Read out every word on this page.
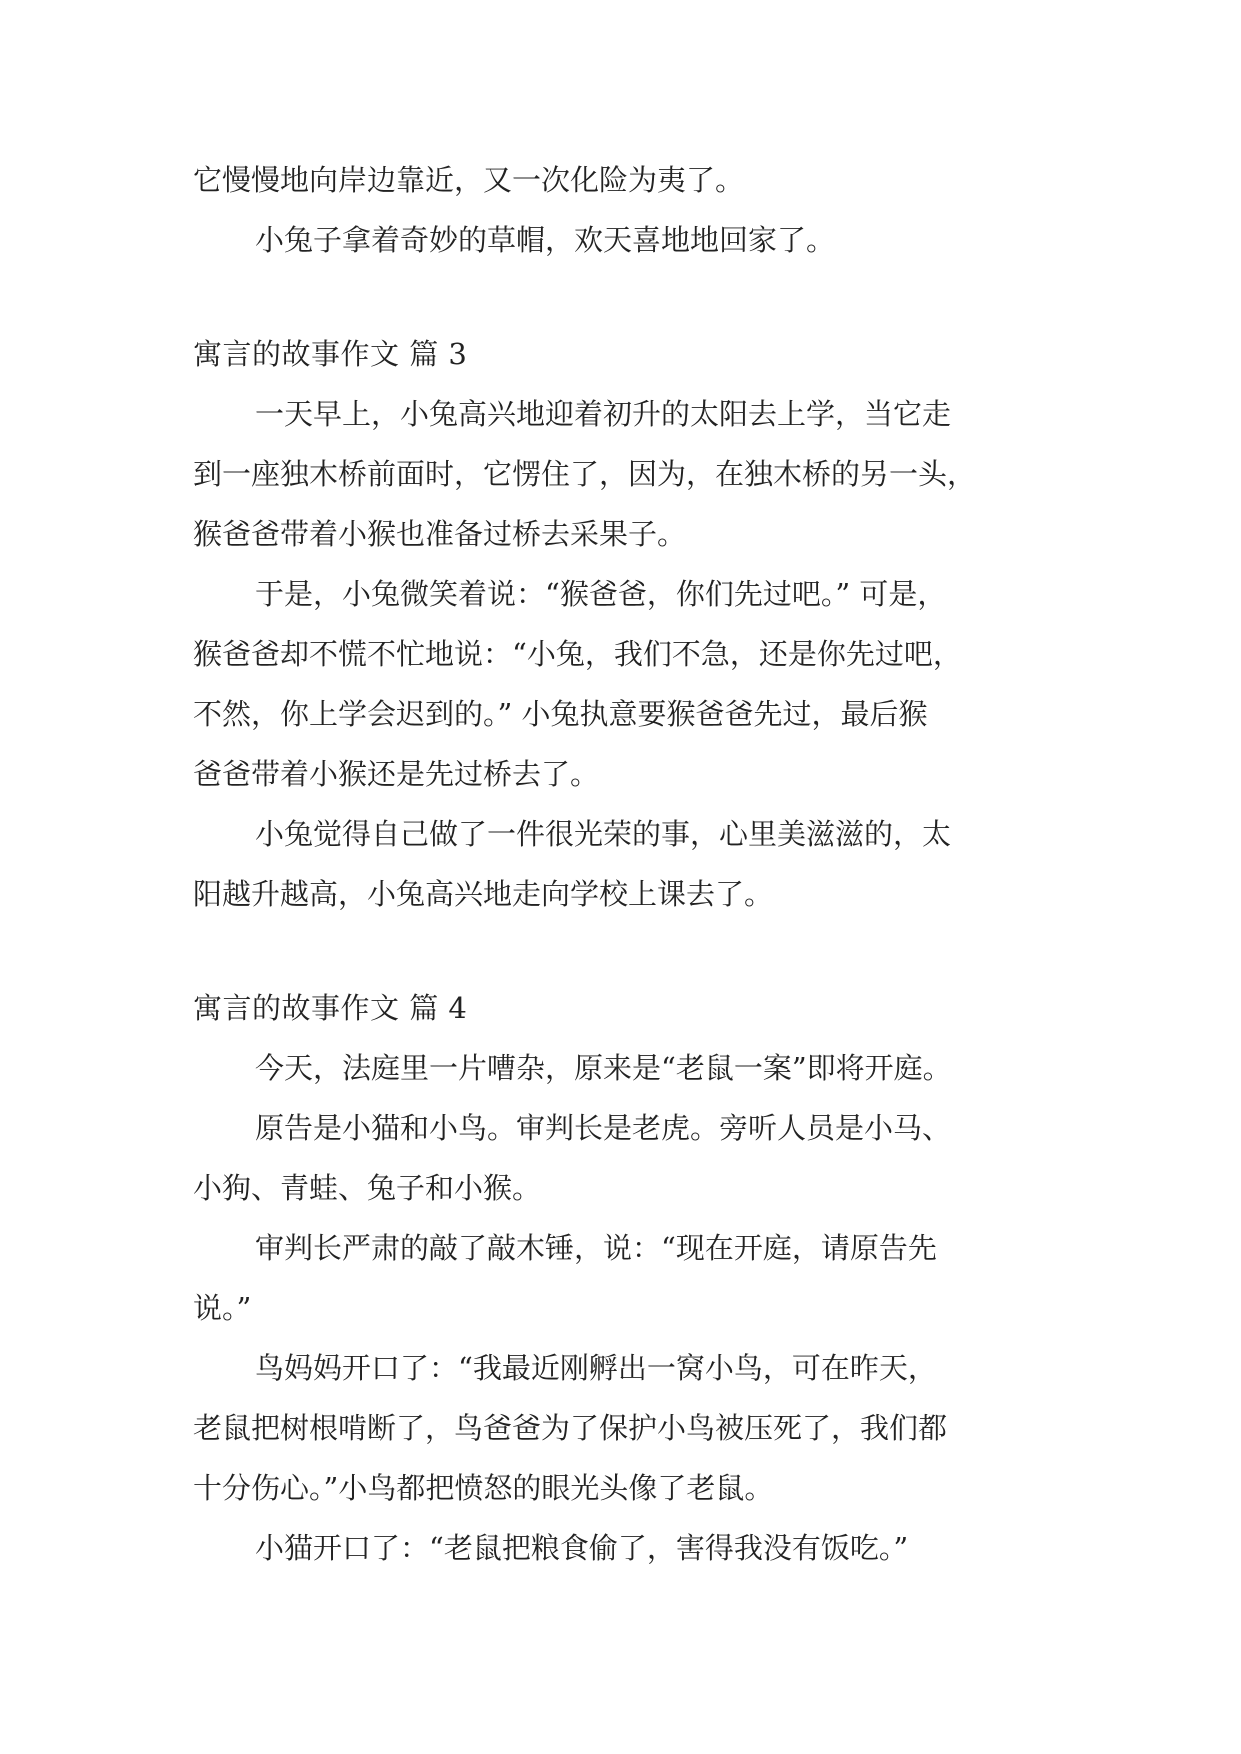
它慢慢地向岸边靠近，又一次化险为夷了。
小兔子拿着奇妙的草帽，欢天喜地地回家了。
寓言的故事作文 篇 3
一天早上，小兔高兴地迎着初升的太阳去上学，当它走
到一座独木桥前面时，它愣住了，因为，在独木桥的另一头，
猴爸爸带着小猴也准备过桥去采果子。
于是，小兔微笑着说：“猴爸爸，你们先过吧。” 可是，
猴爸爸却不慌不忙地说：“小兔，我们不急，还是你先过吧，
不然，你上学会迟到的。” 小兔执意要猴爸爸先过，最后猴
爸爸带着小猴还是先过桥去了。
小兔觉得自己做了一件很光荣的事，心里美滋滋的，太
阳越升越高，小兔高兴地走向学校上课去了。
寓言的故事作文 篇 4
今天，法庭里一片嘈杂，原来是“老鼠一案”即将开庭。
原告是小猫和小鸟。审判长是老虎。旁听人员是小马、
小狗、青蛙、兔子和小猴。
审判长严肃的敲了敲木锤，说：“现在开庭，请原告先
说。”
鸟妈妈开口了：“我最近刚孵出一窝小鸟，可在昨天，
老鼠把树根啃断了，鸟爸爸为了保护小鸟被压死了，我们都
十分伤心。”小鸟都把愤怒的眼光头像了老鼠。
小猫开口了：“老鼠把粮食偷了，害得我没有饭吃。”
